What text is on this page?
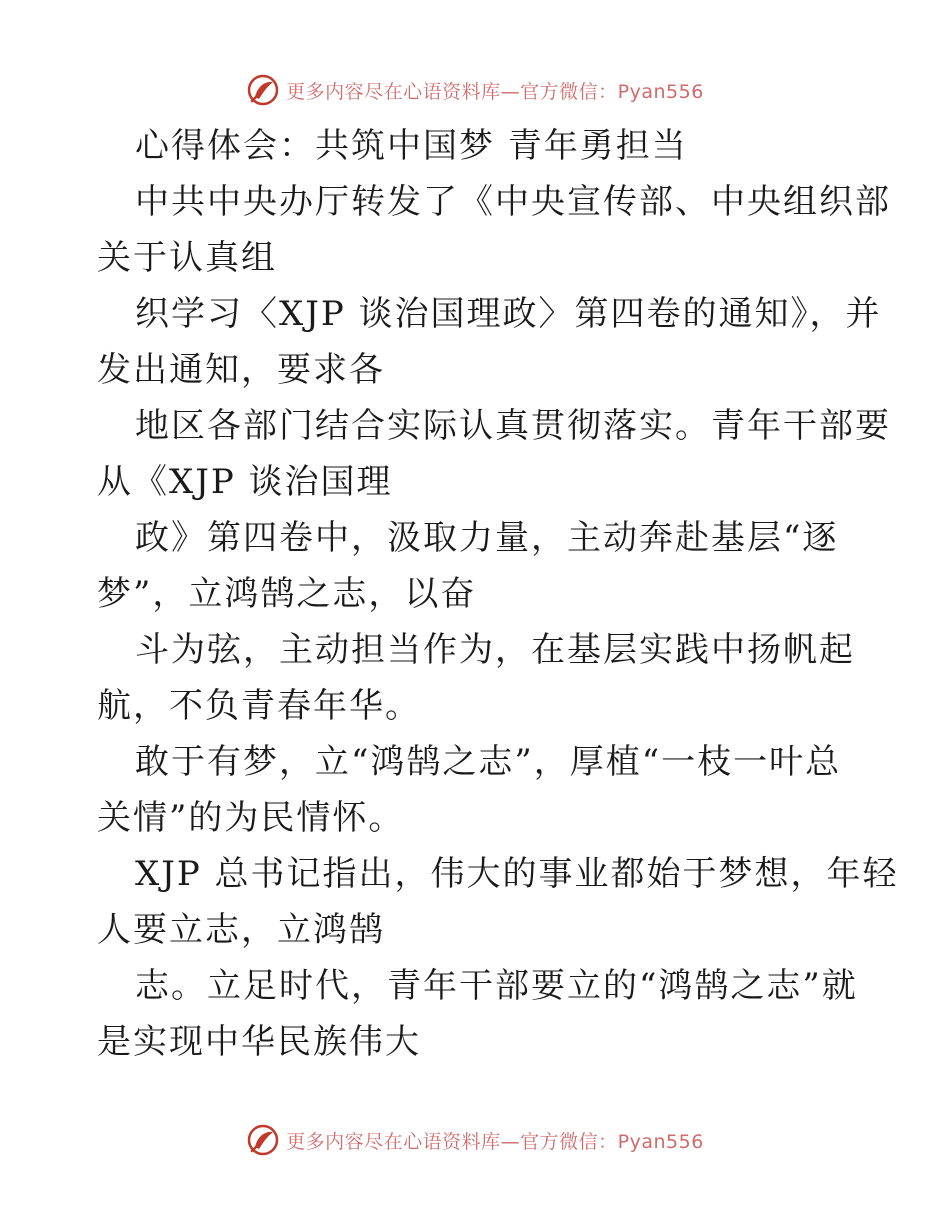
更多内容尽在心语资料库—官方微信：Pyan556
心得体会：共筑中国梦 青年勇担当
中共中央办厅转发了《中央宣传部、中央组织部
关于认真组
织学习〈XJP 谈治国理政〉第四卷的通知》，并
发出通知，要求各
地区各部门结合实际认真贯彻落实。青年干部要
从《XJP 谈治国理
政》第四卷中，汲取力量，主动奔赴基层“逐
梦”，立鸿鹄之志，以奋
斗为弦，主动担当作为，在基层实践中扬帆起
航，不负青春年华。
敢于有梦，立“鸿鹄之志”，厚植“一枝一叶总
关情”的为民情怀。
XJP 总书记指出，伟大的事业都始于梦想，年轻
人要立志，立鸿鹄
志。立足时代，青年干部要立的“鸿鹄之志”就
是实现中华民族伟大
更多内容尽在心语资料库—官方微信：Pyan556
